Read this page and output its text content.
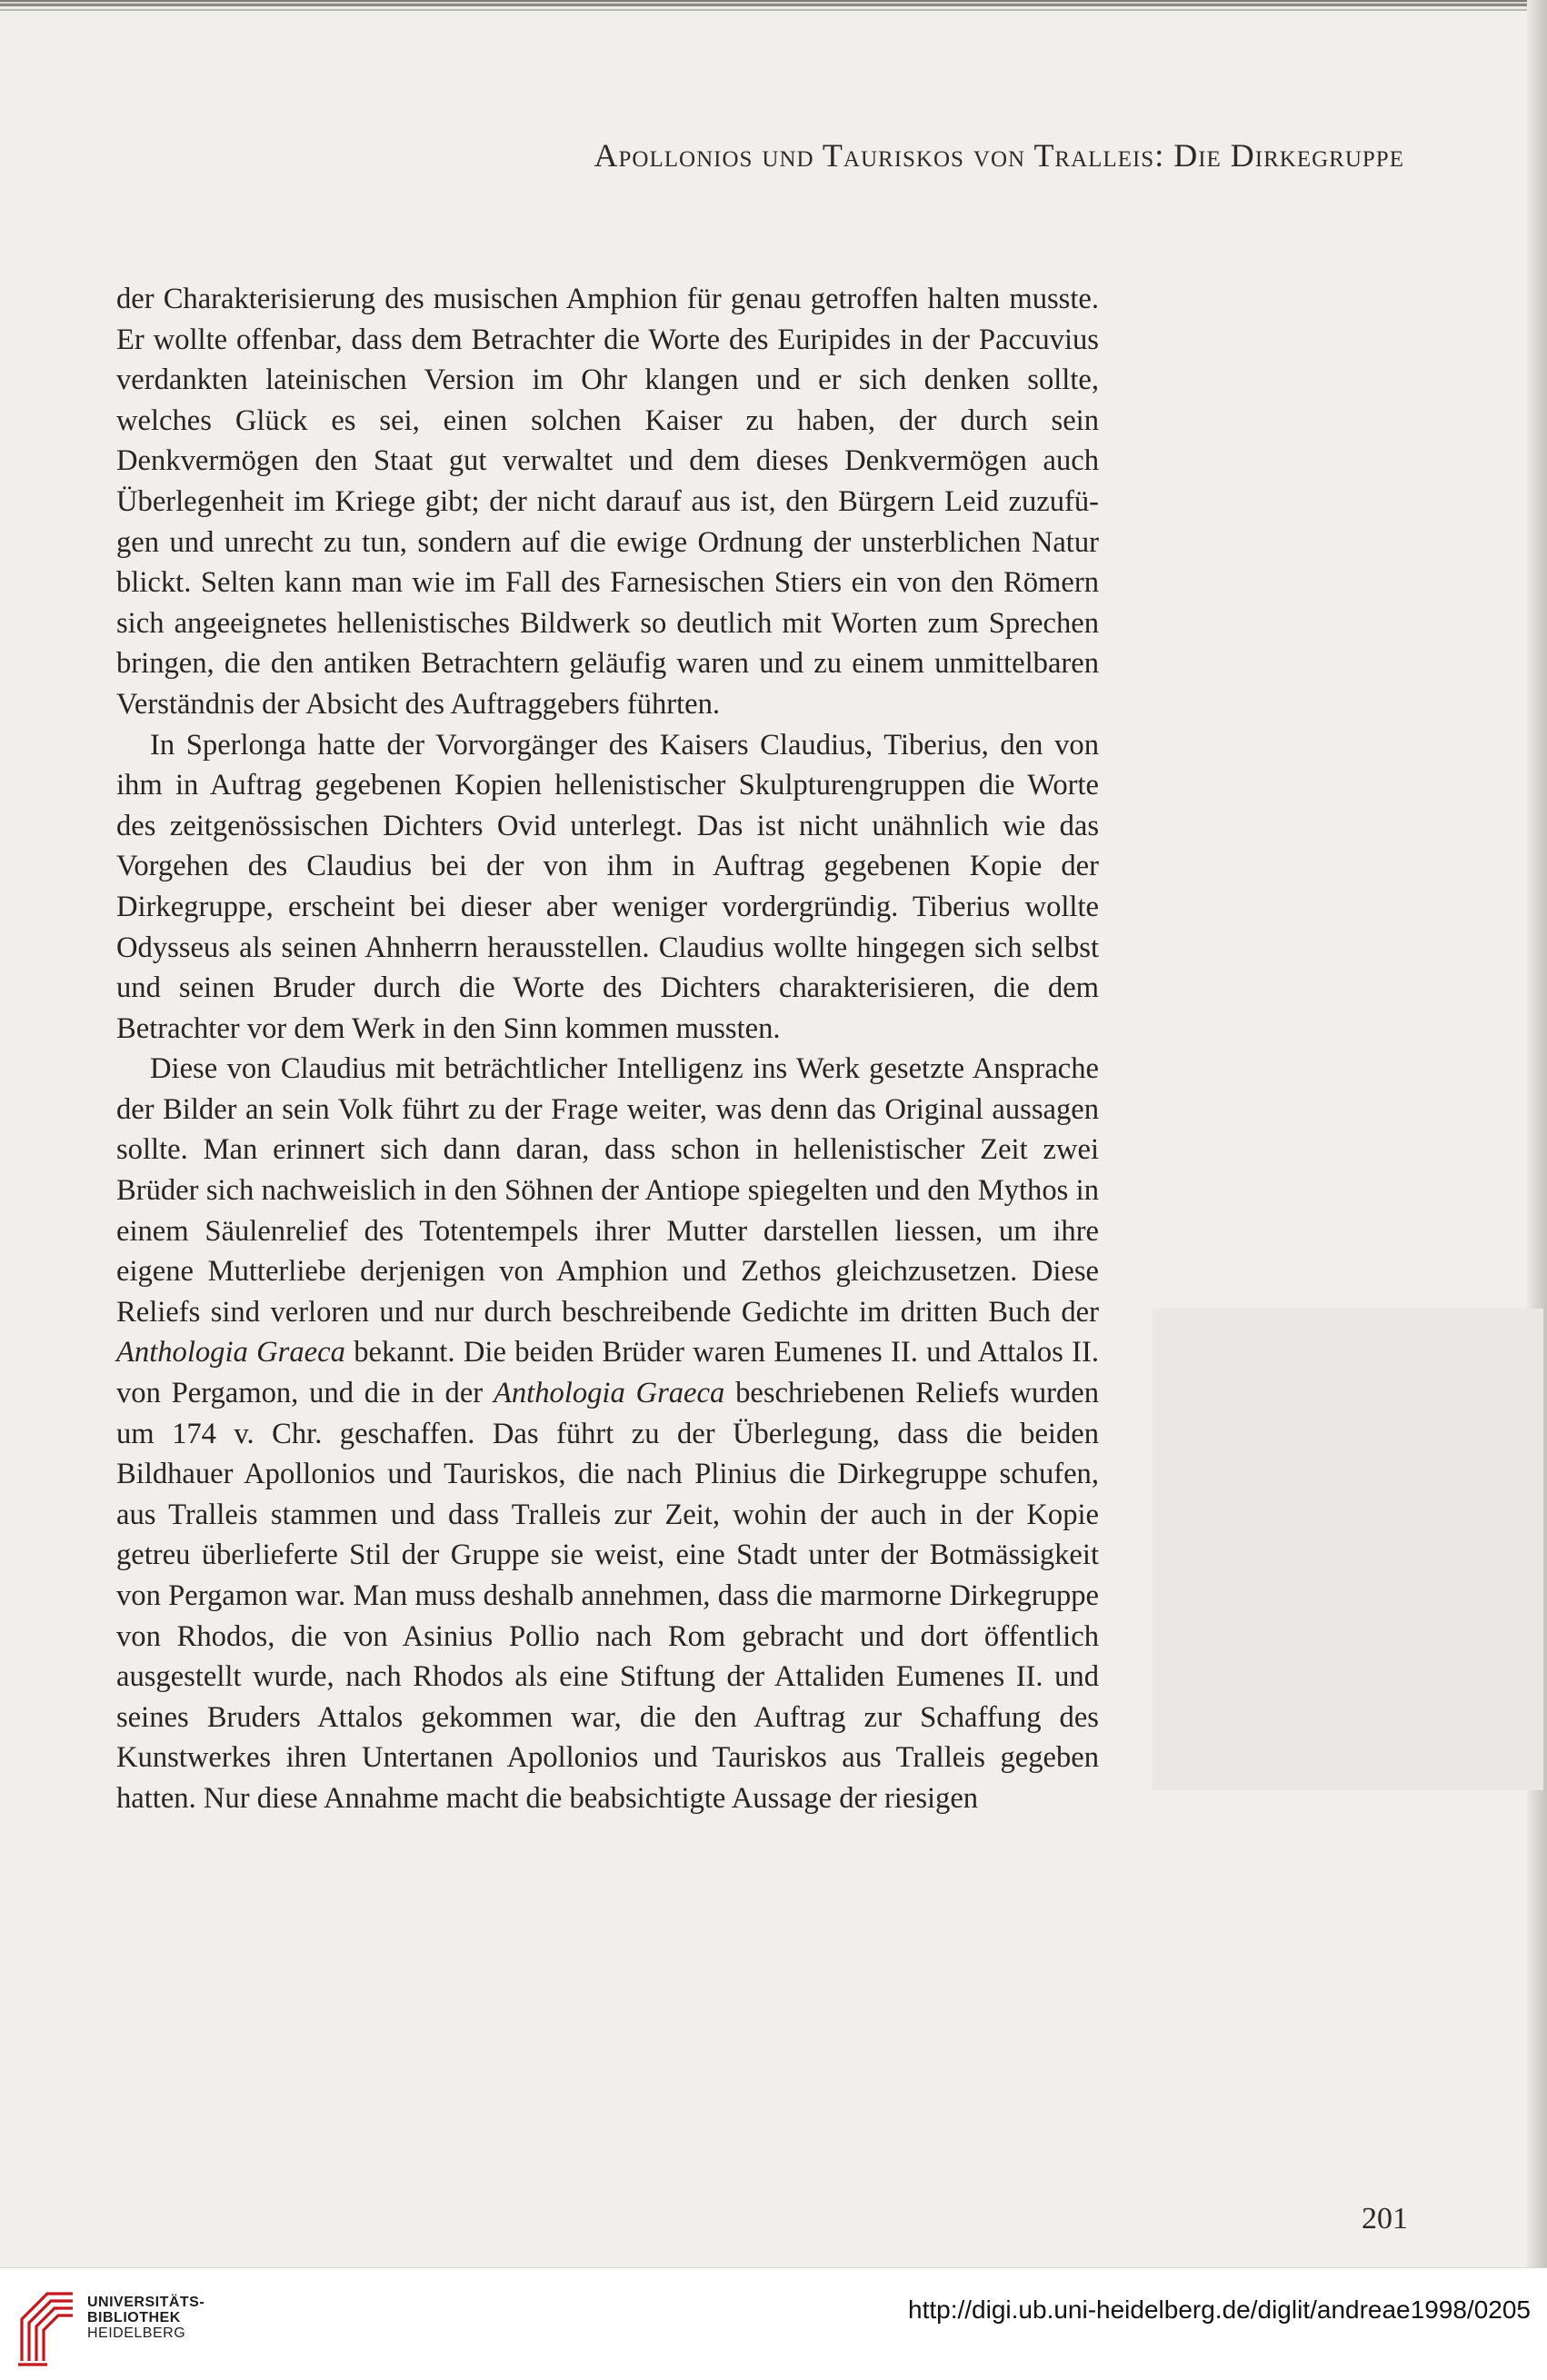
Apollonios und Tauriskos von Tralleis: Die Dirkegruppe

der Charakterisierung des musischen Amphion für genau getroffen halten musste. Er wollte offenbar, dass dem Betrachter die Worte des Euripides in der Paccuvius verdankten lateinischen Version im Ohr klangen und er sich denken sollte, welches Glück es sei, einen solchen Kaiser zu haben, der durch sein Denkvermögen den Staat gut verwaltet und dem dieses Denkvermögen auch Überlegenheit im Kriege gibt; der nicht darauf aus ist, den Bürgern Leid zuzufügen und unrecht zu tun, sondern auf die ewige Ordnung der unsterblichen Natur blickt. Selten kann man wie im Fall des Farnesischen Stiers ein von den Römern sich angeeignetes hellenistisches Bildwerk so deutlich mit Worten zum Sprechen bringen, die den antiken Betrachtern geläufig waren und zu einem unmittelbaren Verständnis der Absicht des Auftraggebers führten.

In Sperlonga hatte der Vorvorgänger des Kaisers Claudius, Tiberius, den von ihm in Auftrag gegebenen Kopien hellenistischer Skulpturengruppen die Worte des zeitgenössischen Dichters Ovid unterlegt. Das ist nicht unähnlich wie das Vorgehen des Claudius bei der von ihm in Auftrag gegebenen Kopie der Dirkegruppe, erscheint bei dieser aber weniger vordergründig. Tiberius wollte Odysseus als seinen Ahnherrn herausstellen. Claudius wollte hingegen sich selbst und seinen Bruder durch die Worte des Dichters charakterisieren, die dem Betrachter vor dem Werk in den Sinn kommen mussten.

Diese von Claudius mit beträchtlicher Intelligenz ins Werk gesetzte Ansprache der Bilder an sein Volk führt zu der Frage weiter, was denn das Original aussagen sollte. Man erinnert sich dann daran, dass schon in hellenistischer Zeit zwei Brüder sich nachweislich in den Söhnen der Antiope spiegelten und den Mythos in einem Säulenrelief des Totentempels ihrer Mutter darstellen liessen, um ihre eigene Mutterliebe derjenigen von Amphion und Zethos gleichzusetzen. Diese Reliefs sind verloren und nur durch beschreibende Gedichte im dritten Buch der Anthologia Graeca bekannt. Die beiden Brüder waren Eumenes II. und Attalos II. von Pergamon, und die in der Anthologia Graeca beschriebenen Reliefs wurden um 174 v. Chr. geschaffen. Das führt zu der Überlegung, dass die beiden Bildhauer Apollonios und Tauriskos, die nach Plinius die Dirkegruppe schufen, aus Tralleis stammen und dass Tralleis zur Zeit, wohin der auch in der Kopie getreu überlieferte Stil der Gruppe sie weist, eine Stadt unter der Botmässigkeit von Pergamon war. Man muss deshalb annehmen, dass die marmorne Dirkegruppe von Rhodos, die von Asinius Pollio nach Rom gebracht und dort öffentlich ausgestellt wurde, nach Rhodos als eine Stiftung der Attaliden Eumenes II. und seines Bruders Attalos gekommen war, die den Auftrag zur Schaffung des Kunstwerkes ihren Untertanen Apollonios und Tauriskos aus Tralleis gegeben hatten. Nur diese Annahme macht die beabsichtigte Aussage der riesigen

201
UNIVERSITÄTS-
BIBLIOTHEK
HEIDELBERG
http://digi.ub.uni-heidelberg.de/diglit/andreae1998/0205
